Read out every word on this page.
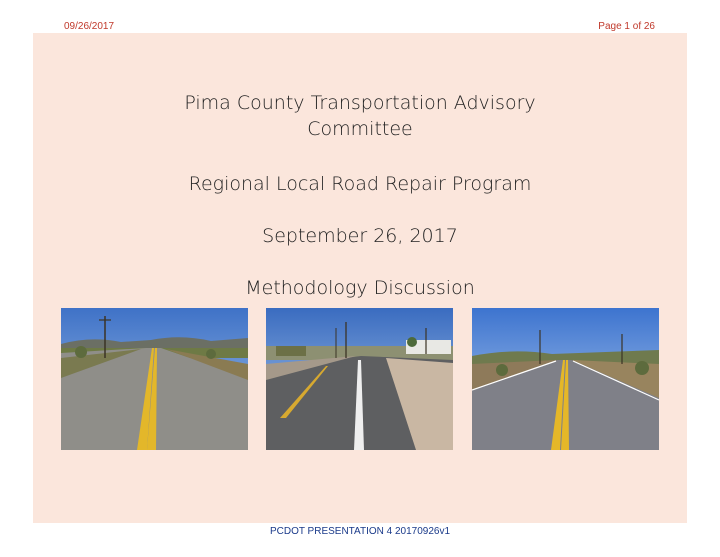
09/26/2017	Page 1 of 26
Pima County Transportation Advisory
Committee
Regional Local Road Repair Program
September 26, 2017
Methodology Discussion
PCDOT PRESENTATION 4 20170926v1
